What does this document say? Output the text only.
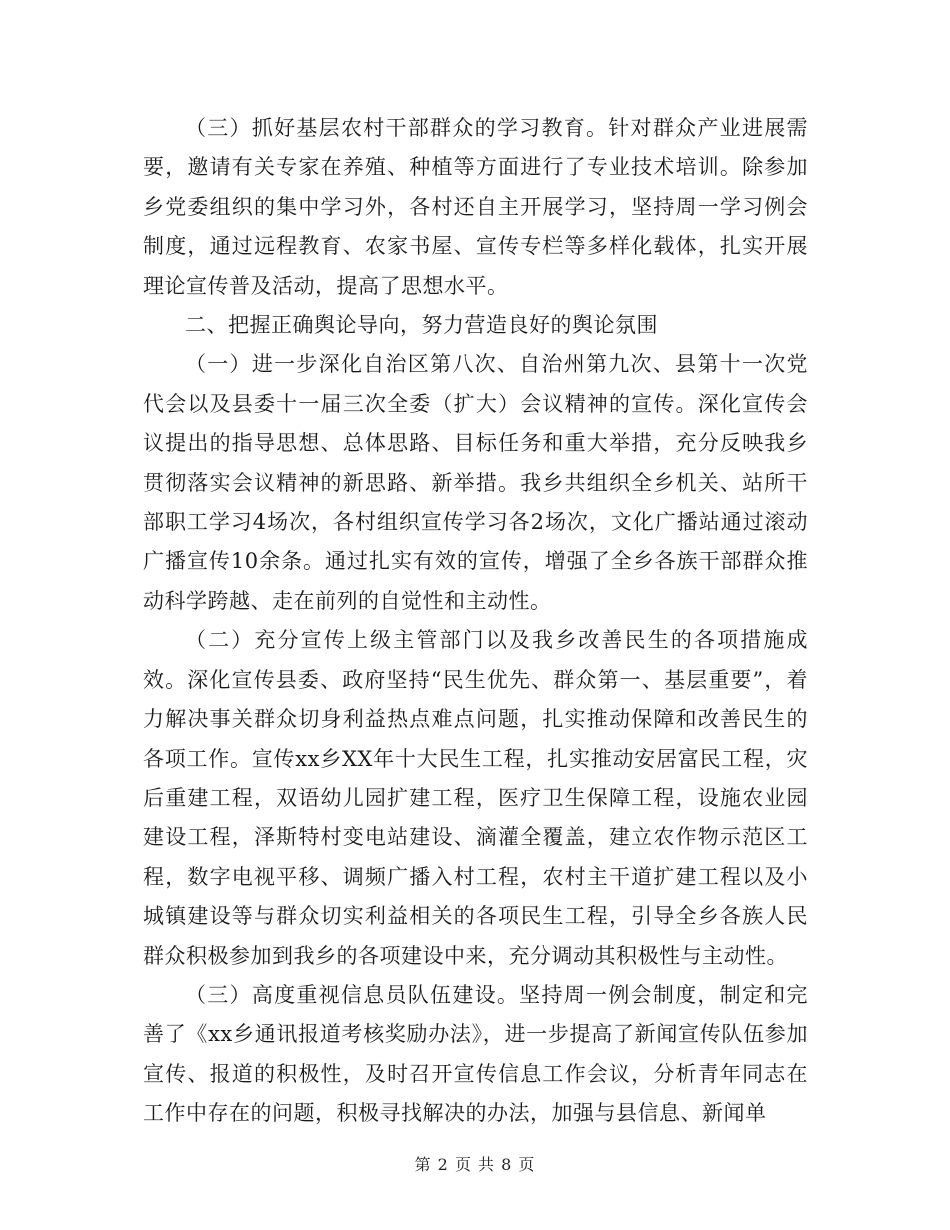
（三）抓好基层农村干部群众的学习教育。针对群众产业进展需要，邀请有关专家在养殖、种植等方面进行了专业技术培训。除参加乡党委组织的集中学习外，各村还自主开展学习，坚持周一学习例会制度，通过远程教育、农家书屋、宣传专栏等多样化载体，扎实开展理论宣传普及活动，提高了思想水平。

二、把握正确舆论导向，努力营造良好的舆论氛围

（一）进一步深化自治区第八次、自治州第九次、县第十一次党代会以及县委十一届三次全委（扩大）会议精神的宣传。深化宣传会议提出的指导思想、总体思路、目标任务和重大举措，充分反映我乡贯彻落实会议精神的新思路、新举措。我乡共组织全乡机关、站所干部职工学习4场次，各村组织宣传学习各2场次，文化广播站通过滚动广播宣传10余条。通过扎实有效的宣传，增强了全乡各族干部群众推动科学跨越、走在前列的自觉性和主动性。

（二）充分宣传上级主管部门以及我乡改善民生的各项措施成效。深化宣传县委、政府坚持“民生优先、群众第一、基层重要”，着力解决事关群众切身利益热点难点问题，扎实推动保障和改善民生的各项工作。宣传xx乡XX年十大民生工程，扎实推动安居富民工程，灾后重建工程，双语幼儿园扩建工程，医疗卫生保障工程，设施农业园建设工程，泽斯特村变电站建设、滴灌全覆盖，建立农作物示范区工程，数字电视平移、调频广播入村工程，农村主干道扩建工程以及小城镇建设等与群众切实利益相关的各项民生工程，引导全乡各族人民群众积极参加到我乡的各项建设中来，充分调动其积极性与主动性。

（三）高度重视信息员队伍建设。坚持周一例会制度，制定和完善了《xx乡通讯报道考核奖励办法》，进一步提高了新闻宣传队伍参加宣传、报道的积极性，及时召开宣传信息工作会议，分析青年同志在工作中存在的问题，积极寻找解决的办法，加强与县信息、新闻单

第 2 页 共 8 页
